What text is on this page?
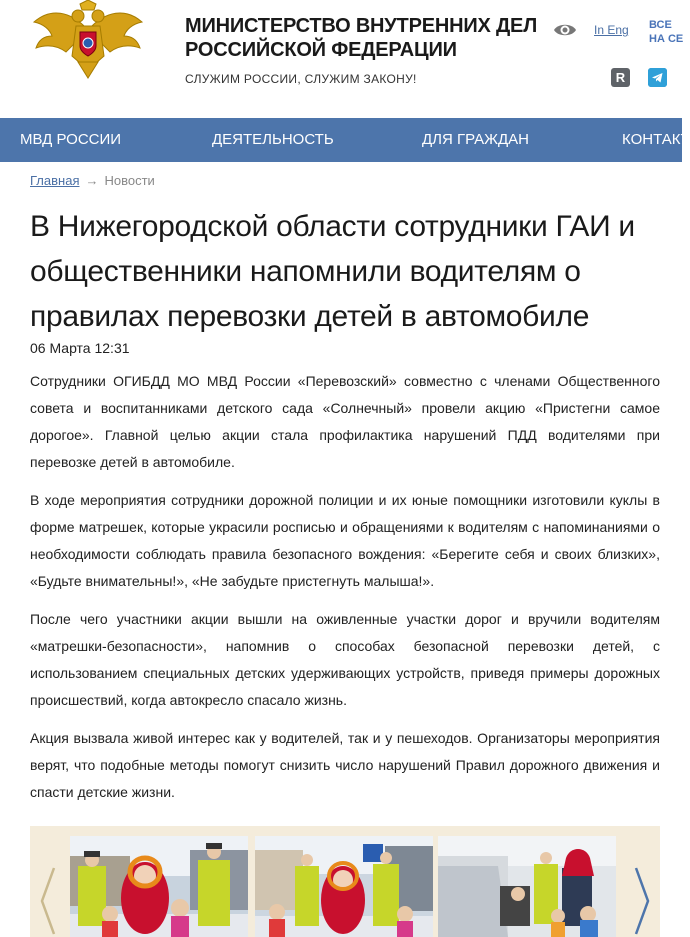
МИНИСТЕРСТВО ВНУТРЕННИХ ДЕЛ РОССИЙСКОЙ ФЕДЕРАЦИИ
СЛУЖИМ РОССИИ, СЛУЖИМ ЗАКОНУ!
In Eng ВСЕ
НА СЕ
R
МВД РОССИИ	ДЕЯТЕЛЬНОСТЬ	ДЛЯ ГРАЖДАН	КОНТАКТ
Главная → Новости
В Нижегородской области сотрудники ГАИ и общественники напомнили водителям о правилах перевозки детей в автомобиле
06 Марта 12:31

Сотрудники ОГИБДД МО МВД России «Перевозский» совместно с членами Общественного совета и воспитанниками детского сада «Солнечный» провели акцию «Пристегни самое дорогое». Главной целью акции стала профилактика нарушений ПДД водителями при перевозке детей в автомобиле.

В ходе мероприятия сотрудники дорожной полиции и их юные помощники изготовили куклы в форме матрешек, которые украсили росписью и обращениями к водителям с напоминаниями о необходимости соблюдать правила безопасного вождения: «Берегите себя и своих близких», «Будьте внимательны!», «Не забудьте пристегнуть малыша!».

После чего участники акции вышли на оживленные участки дорог и вручили водителям «матрешки-безопасности», напомнив о способах безопасной перевозки детей, с использованием специальных детских удерживающих устройств, приведя примеры дорожных происшествий, когда автокресло спасало жизнь.

Акция вызвала живой интерес как у водителей, так и у пешеходов. Организаторы мероприятия верят, что подобные методы помогут снизить число нарушений Правил дорожного движения и спасти детские жизни.
